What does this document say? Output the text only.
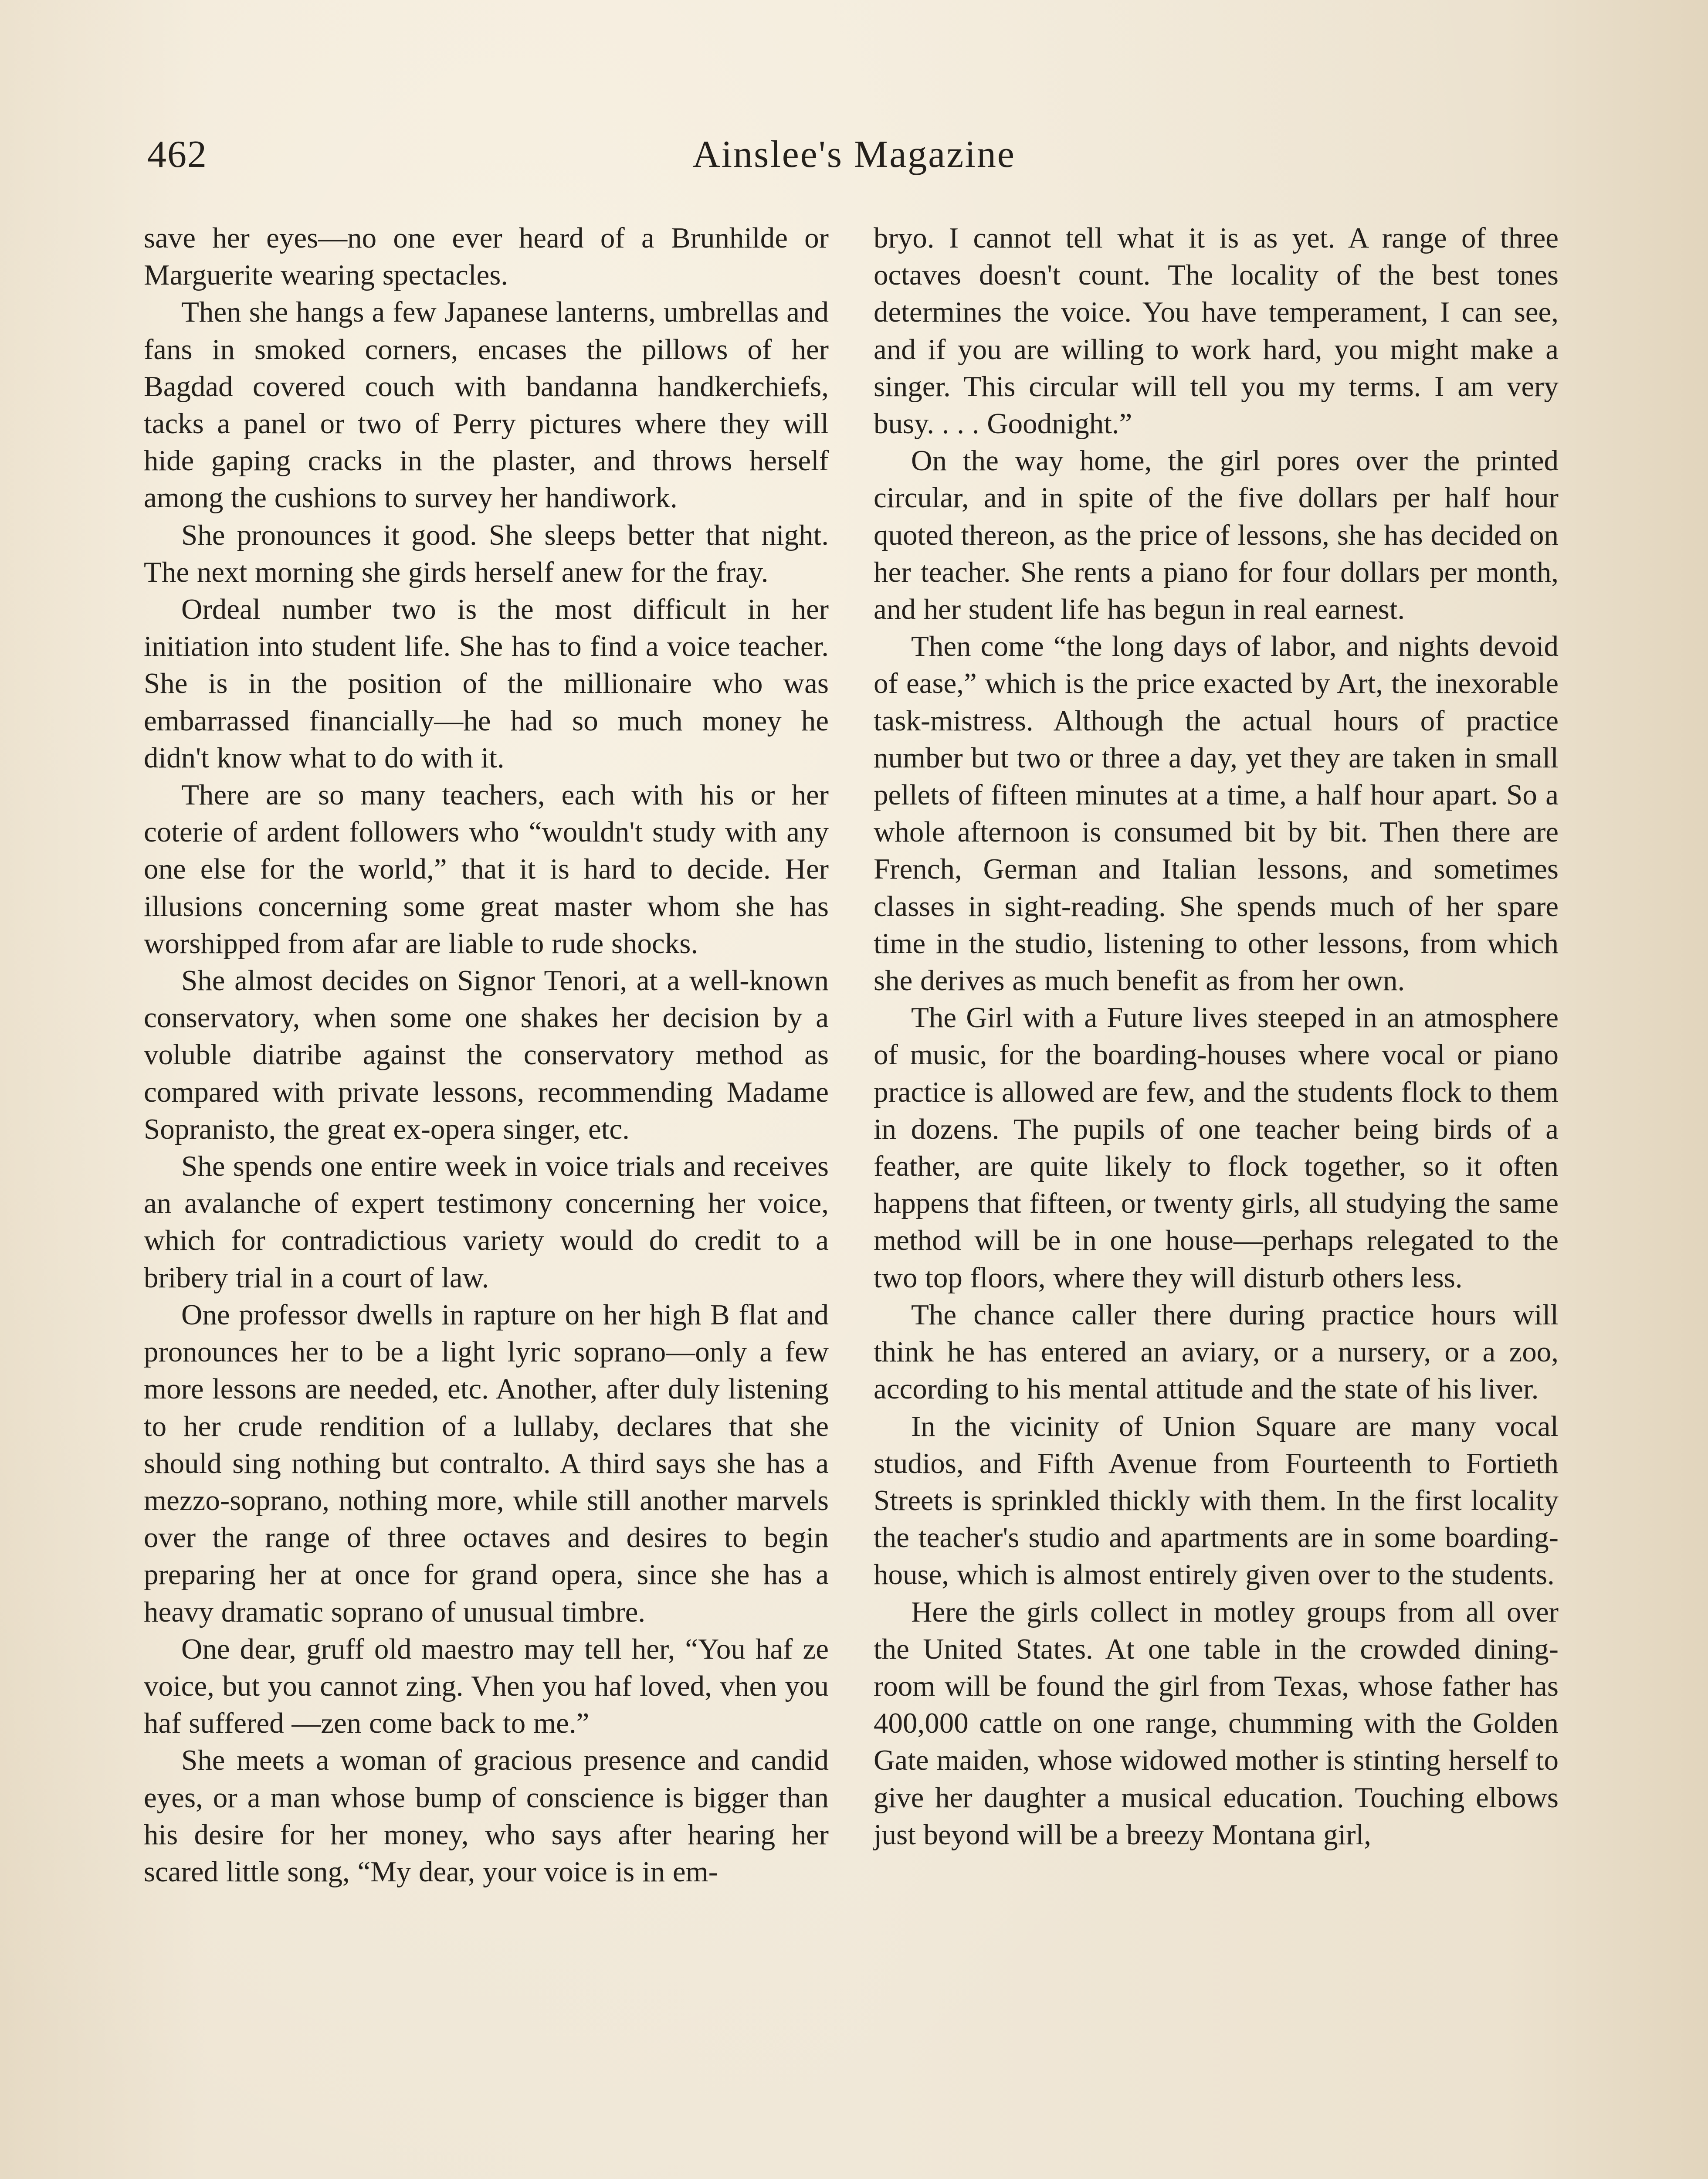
462	Ainslee's Magazine

save her eyes—no one ever heard of a Brunhilde or Marguerite wearing spectacles.

Then she hangs a few Japanese lanterns, umbrellas and fans in smoked corners, encases the pillows of her Bagdad covered couch with bandanna handkerchiefs, tacks a panel or two of Perry pictures where they will hide gaping cracks in the plaster, and throws herself among the cushions to survey her handiwork.

She pronounces it good. She sleeps better that night. The next morning she girds herself anew for the fray.

Ordeal number two is the most difficult in her initiation into student life. She has to find a voice teacher. She is in the position of the millionaire who was embarrassed financially—he had so much money he didn't know what to do with it.

There are so many teachers, each with his or her coterie of ardent followers who “wouldn't study with any one else for the world,” that it is hard to decide. Her illusions concerning some great master whom she has worshipped from afar are liable to rude shocks.

She almost decides on Signor Tenori, at a well-known conservatory, when some one shakes her decision by a voluble diatribe against the conservatory method as compared with private lessons, recommending Madame Sopranisto, the great ex-opera singer, etc.

She spends one entire week in voice trials and receives an avalanche of expert testimony concerning her voice, which for contradictious variety would do credit to a bribery trial in a court of law.

One professor dwells in rapture on her high B flat and pronounces her to be a light lyric soprano—only a few more lessons are needed, etc. Another, after duly listening to her crude rendition of a lullaby, declares that she should sing nothing but contralto. A third says she has a mezzo-soprano, nothing more, while still another marvels over the range of three octaves and desires to begin preparing her at once for grand opera, since she has a heavy dramatic soprano of unusual timbre.

One dear, gruff old maestro may tell her, “You haf ze voice, but you cannot zing. Vhen you haf loved, vhen you haf suffered —zen come back to me.”

She meets a woman of gracious presence and candid eyes, or a man whose bump of conscience is bigger than his desire for her money, who says after hearing her scared little song, “My dear, your voice is in em-

bryo. I cannot tell what it is as yet. A range of three octaves doesn't count. The locality of the best tones determines the voice. You have temperament, I can see, and if you are willing to work hard, you might make a singer. This circular will tell you my terms. I am very busy. . . . Goodnight.”

On the way home, the girl pores over the printed circular, and in spite of the five dollars per half hour quoted thereon, as the price of lessons, she has decided on her teacher. She rents a piano for four dollars per month, and her student life has begun in real earnest.

Then come “the long days of labor, and nights devoid of ease,” which is the price exacted by Art, the inexorable task-mistress. Although the actual hours of practice number but two or three a day, yet they are taken in small pellets of fifteen minutes at a time, a half hour apart. So a whole afternoon is consumed bit by bit. Then there are French, German and Italian lessons, and sometimes classes in sight-reading. She spends much of her spare time in the studio, listening to other lessons, from which she derives as much benefit as from her own.

The Girl with a Future lives steeped in an atmosphere of music, for the boarding-houses where vocal or piano practice is allowed are few, and the students flock to them in dozens. The pupils of one teacher being birds of a feather, are quite likely to flock together, so it often happens that fifteen, or twenty girls, all studying the same method will be in one house—perhaps relegated to the two top floors, where they will disturb others less.

The chance caller there during practice hours will think he has entered an aviary, or a nursery, or a zoo, according to his mental attitude and the state of his liver.

In the vicinity of Union Square are many vocal studios, and Fifth Avenue from Fourteenth to Fortieth Streets is sprinkled thickly with them. In the first locality the teacher's studio and apartments are in some boarding-house, which is almost entirely given over to the students.

Here the girls collect in motley groups from all over the United States. At one table in the crowded dining-room will be found the girl from Texas, whose father has 400,000 cattle on one range, chumming with the Golden Gate maiden, whose widowed mother is stinting herself to give her daughter a musical education. Touching elbows just beyond will be a breezy Montana girl,
